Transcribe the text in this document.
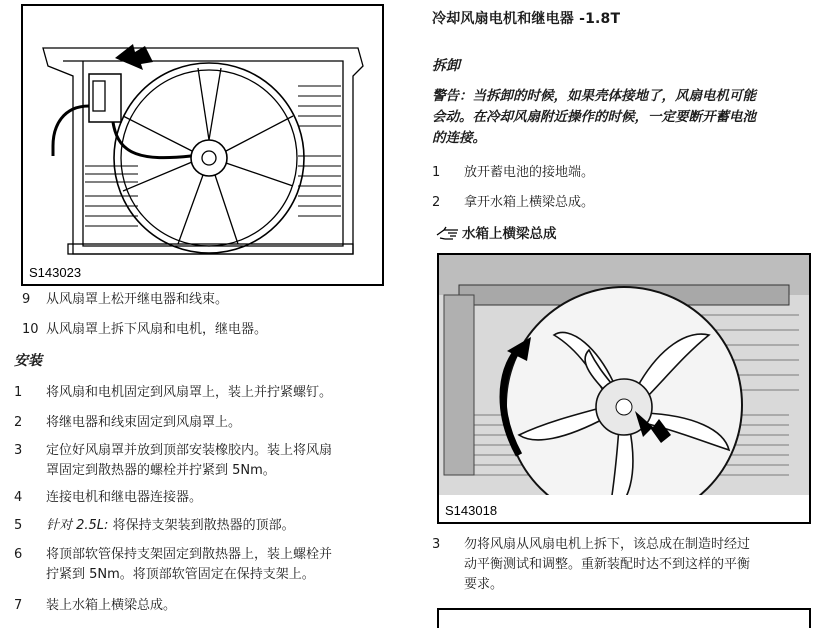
S143023
9	从风扇罩上松开继电器和线束。
10 从风扇罩上拆下风扇和电机，继电器。
安装
1	将风扇和电机固定到风扇罩上，装上并拧紧螺钉。
2	将继电器和线束固定到风扇罩上。
3	定位好风扇罩并放到顶部安装橡胶内。装上将风扇
罩固定到散热器的螺栓并拧紧到 5Nm。
4	连接电机和继电器连接器。
5	针对 2.5L: 将保持支架装到散热器的顶部。
6	将顶部软管保持支架固定到散热器上，装上螺栓并
拧紧到 5Nm。将顶部软管固定在保持支架上。
7	装上水箱上横梁总成。
冷却风扇电机和继电器 -1.8T
拆卸
警告：当拆卸的时候，如果壳体接地了，风扇电机可能
会动。在冷却风扇附近操作的时候，一定要断开蓄电池
的连接。
1	放开蓄电池的接地端。
2	拿开水箱上横梁总成。
水箱上横梁总成
S143018
3	勿将风扇从风扇电机上拆下，该总成在制造时经过
动平衡测试和调整。重新装配时达不到这样的平衡
要求。
